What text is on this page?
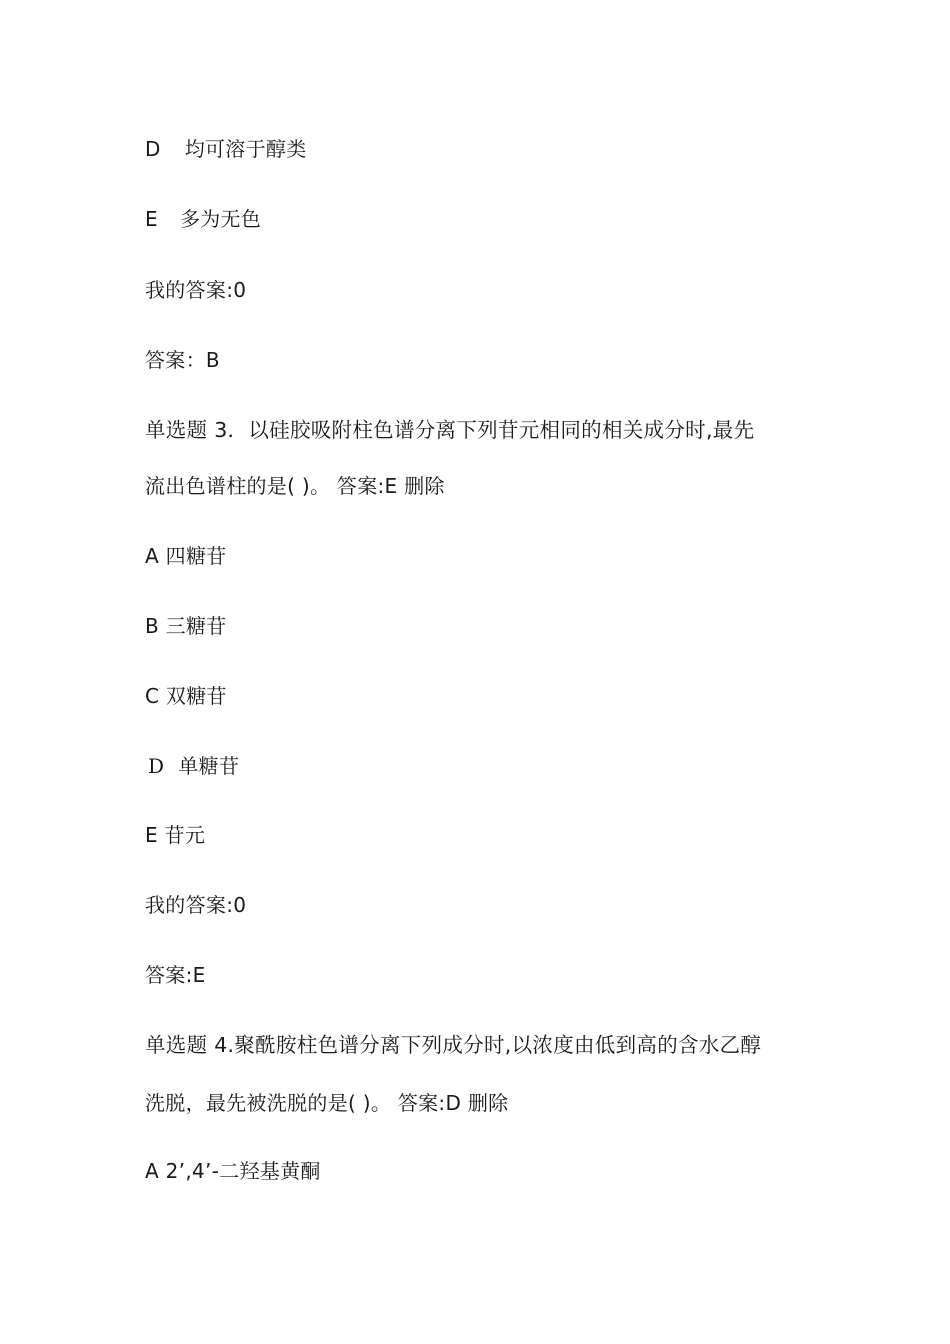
D 均可溶于醇类
E 多为无色
我的答案:0
答案：B
单选题 3．以硅胶吸附柱色谱分离下列苷元相同的相关成分时,最先
流出色谱柱的是( )。 答案:E 删除
A 四糖苷
B 三糖苷
C 双糖苷
D 单糖苷
E 苷元
我的答案:0
答案:E
单选题 4.聚酰胺柱色谱分离下列成分时,以浓度由低到高的含水乙醇
洗脱，最先被洗脱的是( )。 答案:D 删除
A 2’,4’-二羟基黄酮
